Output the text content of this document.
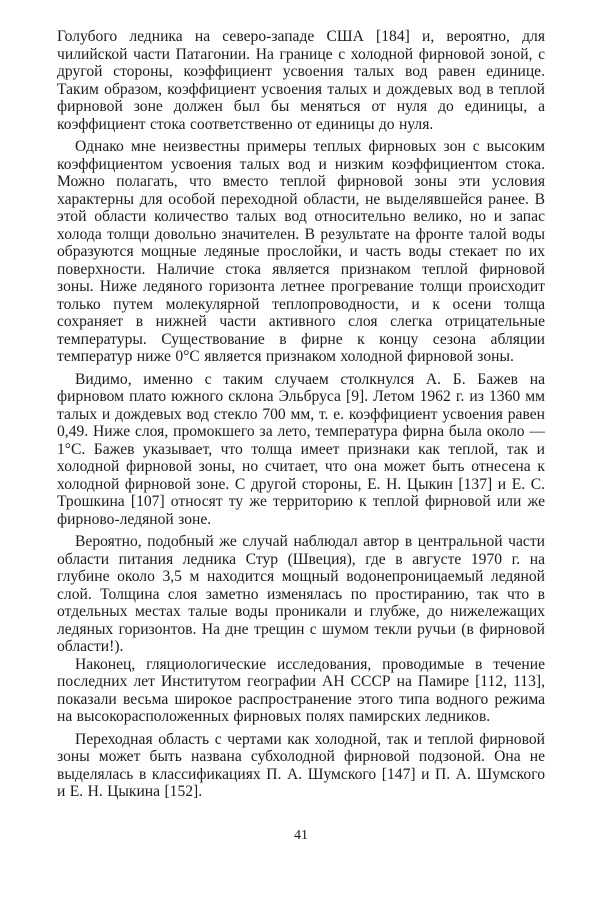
Голубого ледника на северо-западе США [184] и, вероятно, для чилийской части Патагонии. На границе с холодной фирновой зоной, с другой стороны, коэффициент усвоения талых вод равен единице. Таким образом, коэффициент усвоения талых и дождевых вод в теплой фирновой зоне должен был бы меняться от нуля до единицы, а коэффициент стока соответственно от единицы до нуля.

Однако мне неизвестны примеры теплых фирновых зон с высоким коэффициентом усвоения талых вод и низким коэффициентом стока. Можно полагать, что вместо теплой фирновой зоны эти условия характерны для особой переходной области, не выделявшейся ранее. В этой области количество талых вод относительно велико, но и запас холода толщи довольно значителен. В результате на фронте талой воды образуются мощные ледяные прослойки, и часть воды стекает по их поверхности. Наличие стока является признаком теплой фирновой зоны. Ниже ледяного горизонта летнее прогревание толщи происходит только путем молекулярной теплопроводности, и к осени толща сохраняет в нижней части активного слоя слегка отрицательные температуры. Существование в фирне к концу сезона абляции температур ниже 0°С является признаком холодной фирновой зоны.

Видимо, именно с таким случаем столкнулся А. Б. Бажев на фирновом плато южного склона Эльбруса [9]. Летом 1962 г. из 1360 мм талых и дождевых вод стекло 700 мм, т. е. коэффициент усвоения равен 0,49. Ниже слоя, промокшего за лето, температура фирна была около —1°С. Бажев указывает, что толща имеет признаки как теплой, так и холодной фирновой зоны, но считает, что она может быть отнесена к холодной фирновой зоне. С другой стороны, Е. Н. Цыкин [137] и Е. С. Трошкина [107] относят ту же территорию к теплой фирновой или же фирново-ледяной зоне.

Вероятно, подобный же случай наблюдал автор в центральной части области питания ледника Стур (Швеция), где в августе 1970 г. на глубине около 3,5 м находится мощный водонепроницаемый ледяной слой. Толщина слоя заметно изменялась по простиранию, так что в отдельных местах талые воды проникали и глубже, до нижележащих ледяных горизонтов. На дне трещин с шумом текли ручьи (в фирновой области!).

Наконец, гляциологические исследования, проводимые в течение последних лет Институтом географии АН СССР на Памире [112, 113], показали весьма широкое распространение этого типа водного режима на высокорасположенных фирновых полях памирских ледников.

Переходная область с чертами как холодной, так и теплой фирновой зоны может быть названа субхолодной фирновой подзоной. Она не выделялась в классификациях П. А. Шумского [147] и П. А. Шумского и Е. Н. Цыкина [152].

41
